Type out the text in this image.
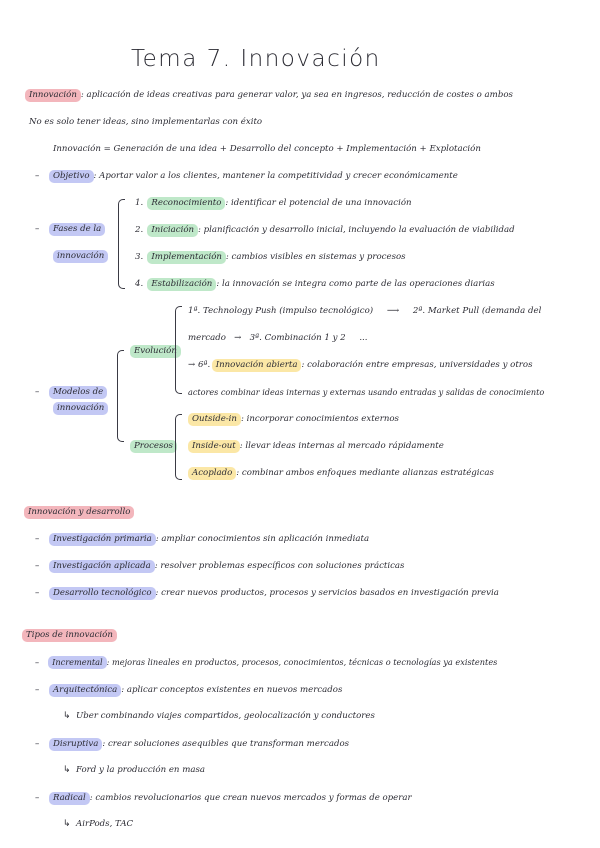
Tema 7. Innovación
Innovación : aplicación de ideas creativas para generar valor, ya sea en ingresos, reducción de costes o ambos
No es solo tener ideas, sino implementarlas con éxito
Innovación = Generación de una idea + Desarrollo del concepto + Implementación + Explotación
– Objetivo : Aportar valor a los clientes, mantener la competitividad y crecer económicamente
– Fases de la
innovación
1. Reconocimiento : identificar el potencial de una innovación
2. Iniciación : planificación y desarrollo inicial, incluyendo la evaluación de viabilidad
3. Implementación : cambios visibles en sistemas y procesos
4. Estabilización : la innovación se integra como parte de las operaciones diarias
– Modelos de
innovación
Evolución
1ª. Technology Push (impulso tecnológico) ⟶ 2ª. Market Pull (demanda del
mercado → 3ª. Combinación 1 y 2 ...
→ 6ª. Innovación abierta : colaboración entre empresas, universidades y otros
actores combinar ideas internas y externas usando entradas y salidas de conocimiento
Procesos
Outside-in : incorporar conocimientos externos
Inside-out : llevar ideas internas al mercado rápidamente
Acoplado : combinar ambos enfoques mediante alianzas estratégicas
Innovación y desarrollo
– Investigación primaria : ampliar conocimientos sin aplicación inmediata
– Investigación aplicada : resolver problemas específicos con soluciones prácticas
– Desarrollo tecnológico : crear nuevos productos, procesos y servicios basados en investigación previa
Tipos de innovación
– Incremental : mejoras lineales en productos, procesos, conocimientos, técnicas o tecnologías ya existentes
– Arquitectónica : aplicar conceptos existentes en nuevos mercados
↳ Uber combinando viajes compartidos, geolocalización y conductores
– Disruptiva : crear soluciones asequibles que transforman mercados
↳ Ford y la producción en masa
– Radical : cambios revolucionarios que crean nuevos mercados y formas de operar
↳ AirPods, TAC
